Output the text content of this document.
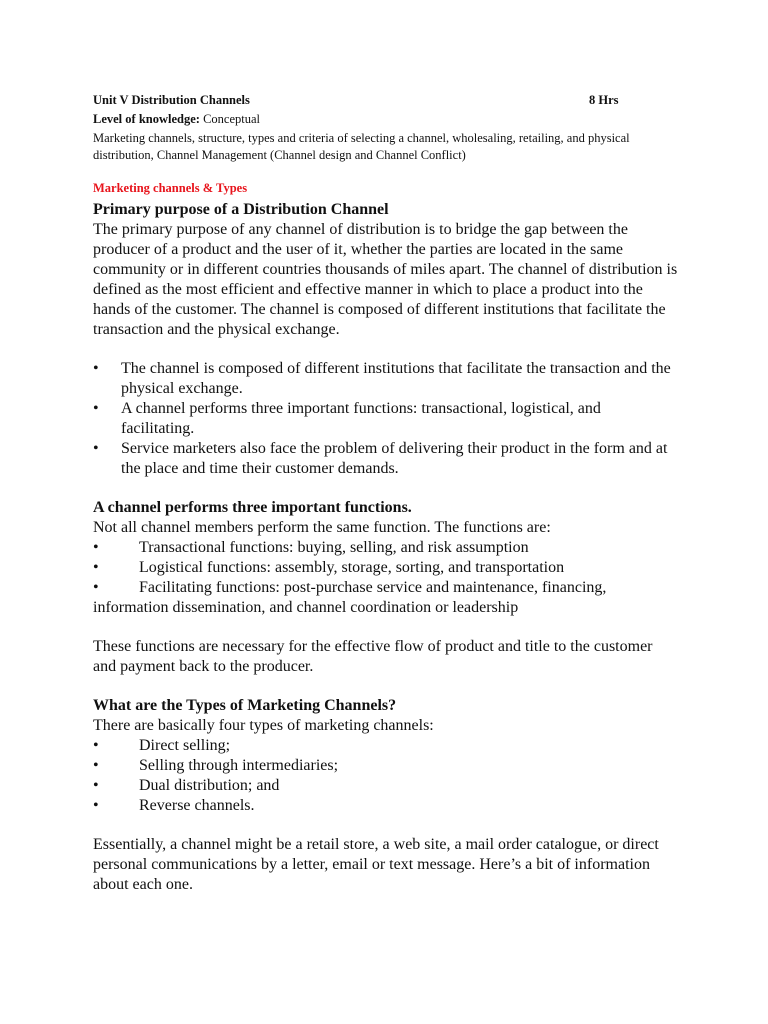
Unit V Distribution Channels	8 Hrs
Level of knowledge: Conceptual
Marketing channels, structure, types and criteria of selecting a channel, wholesaling, retailing, and physical distribution, Channel Management (Channel design and Channel Conflict)
Marketing channels & Types
Primary purpose of a Distribution Channel
The primary purpose of any channel of distribution is to bridge the gap between the producer of a product and the user of it, whether the parties are located in the same community or in different countries thousands of miles apart. The channel of distribution is defined as the most efficient and effective manner in which to place a product into the hands of the customer. The channel is composed of different institutions that facilitate the transaction and the physical exchange.
• The channel is composed of different institutions that facilitate the transaction and the physical exchange.
• A channel performs three important functions: transactional, logistical, and facilitating.
• Service marketers also face the problem of delivering their product in the form and at the place and time their customer demands.
A channel performs three important functions.
Not all channel members perform the same function. The functions are:
•	Transactional functions: buying, selling, and risk assumption
•	Logistical functions: assembly, storage, sorting, and transportation
•	Facilitating functions: post-purchase service and maintenance, financing, information dissemination, and channel coordination or leadership
These functions are necessary for the effective flow of product and title to the customer and payment back to the producer.
What are the Types of Marketing Channels?
There are basically four types of marketing channels:
•	Direct selling;
•	Selling through intermediaries;
•	Dual distribution; and
•	Reverse channels.
Essentially, a channel might be a retail store, a web site, a mail order catalogue, or direct personal communications by a letter, email or text message. Here’s a bit of information about each one.
